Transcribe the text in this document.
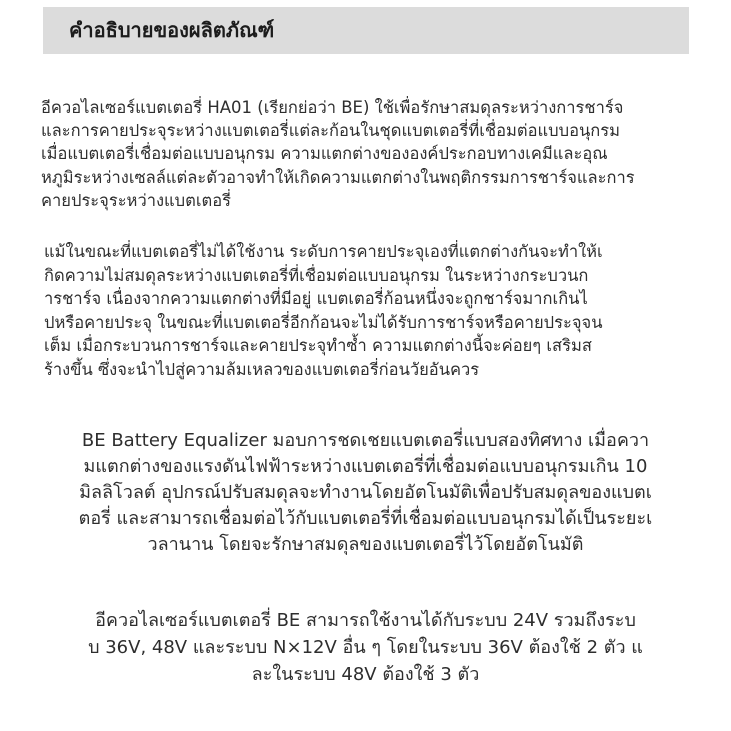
คำอธิบายของผลิตภัณฑ์

อีควอไลเซอร์แบตเตอรี่ HA01 (เรียกย่อว่า BE) ใช้เพื่อรักษาสมดุลระหว่างการชาร์จ
และการคายประจุระหว่างแบตเตอรี่แต่ละก้อนในชุดแบตเตอรี่ที่เชื่อมต่อแบบอนุกรม
เมื่อแบตเตอรี่เชื่อมต่อแบบอนุกรม ความแตกต่างขององค์ประกอบทางเคมีและอุณ
หภูมิระหว่างเซลล์แต่ละตัวอาจทำให้เกิดความแตกต่างในพฤติกรรมการชาร์จและการ
คายประจุระหว่างแบตเตอรี่

แม้ในขณะที่แบตเตอรี่ไม่ได้ใช้งาน ระดับการคายประจุเองที่แตกต่างกันจะทำให้เ
กิดความไม่สมดุลระหว่างแบตเตอรี่ที่เชื่อมต่อแบบอนุกรม ในระหว่างกระบวนก
ารชาร์จ เนื่องจากความแตกต่างที่มีอยู่ แบตเตอรี่ก้อนหนึ่งจะถูกชาร์จมากเกินไ
ปหรือคายประจุ ในขณะที่แบตเตอรี่อีกก้อนจะไม่ได้รับการชาร์จหรือคายประจุจน
เต็ม เมื่อกระบวนการชาร์จและคายประจุทำซ้ำ ความแตกต่างนี้จะค่อยๆ เสริมส
ร้างขึ้น ซึ่งจะนำไปสู่ความล้มเหลวของแบตเตอรี่ก่อนวัยอันควร

BE Battery Equalizer มอบการชดเชยแบตเตอรี่แบบสองทิศทาง เมื่อควา
มแตกต่างของแรงดันไฟฟ้าระหว่างแบตเตอรี่ที่เชื่อมต่อแบบอนุกรมเกิน 10
มิลลิโวลต์ อุปกรณ์ปรับสมดุลจะทำงานโดยอัตโนมัติเพื่อปรับสมดุลของแบตเ
ตอรี่ และสามารถเชื่อมต่อไว้กับแบตเตอรี่ที่เชื่อมต่อแบบอนุกรมได้เป็นระยะเ
วลานาน โดยจะรักษาสมดุลของแบตเตอรี่ไว้โดยอัตโนมัติ

อีควอไลเซอร์แบตเตอรี่ BE สามารถใช้งานได้กับระบบ 24V รวมถึงระบ
บ 36V, 48V และระบบ N×12V อื่น ๆ โดยในระบบ 36V ต้องใช้ 2 ตัว แ
ละในระบบ 48V ต้องใช้ 3 ตัว
